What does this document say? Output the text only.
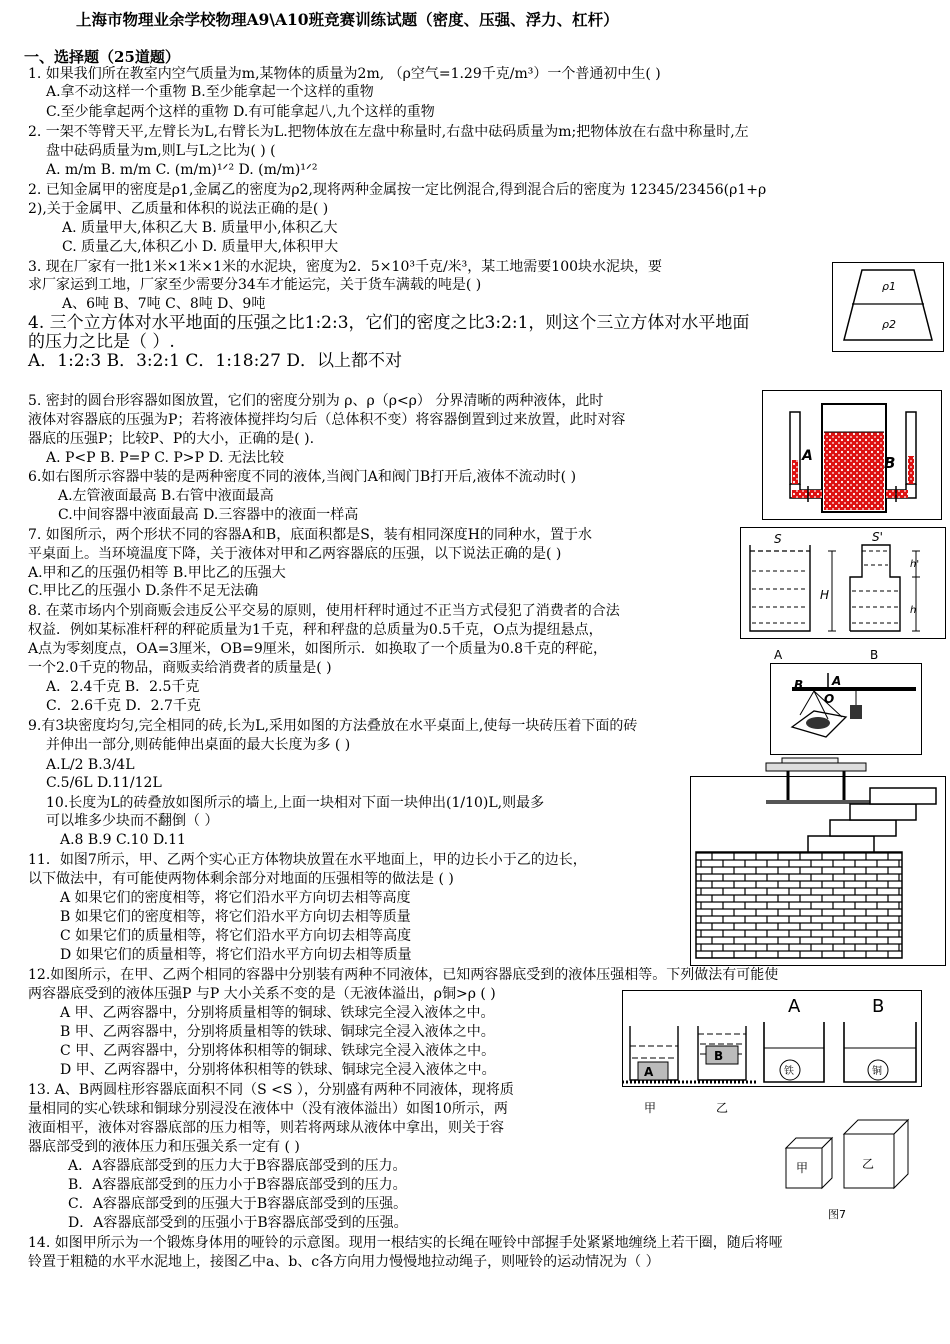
上海市物理业余学校物理A9\A10班竞赛训练试题（密度、压强、浮力、杠杆）
一、选择题（25道题）
1. 如果我们所在教室内空气质量为m,某物体的质量为2m, （ρ空气=1.29千克/m³）一个普通初中生( )
A.拿不动这样一个重物 B.至少能拿起一个这样的重物
C.至少能拿起两个这样的重物 D.有可能拿起八,九个这样的重物
2. 一架不等臂天平,左臂长为L,右臂长为L.把物体放在左盘中称量时,右盘中砝码质量为m;把物体放在右盘中称量时,左
盘中砝码质量为m,则L与L之比为( ) (
A. m/m B. m/m C. (m/m)¹ᐟ² D. (m/m)¹ᐟ²
2. 已知金属甲的密度是ρ1,金属乙的密度为ρ2,现将两种金属按一定比例混合,得到混合后的密度为 12345/23456(ρ1+ρ
2),关于金属甲、乙质量和体积的说法正确的是( )
A. 质量甲大,体积乙大 B. 质量甲小,体积乙大
C. 质量乙大,体积乙小 D. 质量甲大,体积甲大
3. 现在厂家有一批1米×1米×1米的水泥块，密度为2．5×10³千克/米³，某工地需要100块水泥块，要
求厂家运到工地，厂家至少需要分34车才能运完，关于货车满载的吨是( )
A、6吨 B、7吨 C、8吨 D、9吨
4. 三个立方体对水平地面的压强之比1:2:3，它们的密度之比3:2:1，则这个三立方体对水平地面
的压力之比是（ ）.
A．1:2:3 B．3:2:1 C．1:18:27 D．以上都不对
5. 密封的圆台形容器如图放置，它们的密度分别为 ρ、ρ（ρ<ρ） 分界清晰的两种液体，此时
液体对容器底的压强为P；若将液体搅拌均匀后（总体积不变）将容器倒置到过来放置，此时对容
器底的压强P；比较P、P的大小，正确的是( ).
A. P<P B. P=P C. P>P D. 无法比较
6.如右图所示容器中装的是两种密度不同的液体,当阀门A和阀门B打开后,液体不流动时( )
A.左管液面最高 B.右管中液面最高
C.中间容器中液面最高 D.三容器中的液面一样高
7. 如图所示，两个形状不同的容器A和B，底面积都是S，装有相同深度H的同种水，置于水
平桌面上。当环境温度下降，关于液体对甲和乙两容器底的压强，以下说法正确的是( )
A.甲和乙的压强仍相等 B.甲比乙的压强大
C.甲比乙的压强小 D.条件不足无法确
8. 在菜市场内个别商贩会违反公平交易的原则，使用杆秤时通过不正当方式侵犯了消费者的合法
权益．例如某标准杆秤的秤砣质量为1千克，秤和秤盘的总质量为0.5千克，O点为提纽悬点，
A点为零刻度点，OA=3厘米，OB=9厘米，如图所示．如换取了一个质量为0.8千克的秤砣，
一个2.0千克的物品，商贩卖给消费者的质量是( )
A．2.4千克 B．2.5千克
C．2.6千克 D．2.7千克
9.有3块密度均匀,完全相同的砖,长为L,采用如图的方法叠放在水平桌面上,使每一块砖压着下面的砖
并伸出一部分,则砖能伸出桌面的最大长度为多 ( )
A.L/2 B.3/4L
C.5/6L D.11/12L
10.长度为L的砖叠放如图所示的墙上,上面一块相对下面一块伸出(1/10)L,则最多
可以堆多少块而不翻倒（ ）
A.8 B.9 C.10 D.11
11．如图7所示，甲、乙两个实心正方体物块放置在水平地面上，甲的边长小于乙的边长，
以下做法中，有可能使两物体剩余部分对地面的压强相等的做法是 ( )
A 如果它们的密度相等，将它们沿水平方向切去相等高度
B 如果它们的密度相等，将它们沿水平方向切去相等质量
C 如果它们的质量相等，将它们沿水平方向切去相等高度
D 如果它们的质量相等，将它们沿水平方向切去相等质量
12.如图所示，在甲、乙两个相同的容器中分别装有两种不同液体，已知两容器底受到的液体压强相等。下列做法有可能使
两容器底受到的液体压强P 与P 大小关系不变的是（无液体溢出，ρ铜>ρ ( )
A 甲、乙两容器中，分别将质量相等的铜球、铁球完全浸入液体之中。
B 甲、乙两容器中，分别将质量相等的铁球、铜球完全浸入液体之中。
C 甲、乙两容器中，分别将体积相等的铜球、铁球完全浸入液体之中。
D 甲、乙两容器中，分别将体积相等的铁球、铜球完全浸入液体之中。
13. A、B两圆柱形容器底面积不同（S <S ），分别盛有两种不同液体，现将质
量相同的实心铁球和铜球分别浸没在液体中（没有液体溢出）如图10所示，两
液面相平，液体对容器底部的压力相等，则若将两球从液体中拿出，则关于容
器底部受到的液体压力和压强关系一定有 ( )
A．A容器底部受到的压力大于B容器底部受到的压力。
B．A容器底部受到的压力小于B容器底部受到的压力。
C．A容器底部受到的压强大于B容器底部受到的压强。
D．A容器底部受到的压强小于B容器底部受到的压强。
14. 如图甲所示为一个锻炼身体用的哑铃的示意图。现用一根结实的长绳在哑铃中部握手处紧紧地缠绕上若干圈，随后将哑
铃置于粗糙的水平水泥地上，接图乙中a、b、c各方向用力慢慢地拉动绳子，则哑铃的运动情况为（ ）
ρ1
ρ2
A	B
S	S'
H
h'
h
A	B
B A
O
A	B
A
B
铁	铜
甲	乙
甲	乙
图7
